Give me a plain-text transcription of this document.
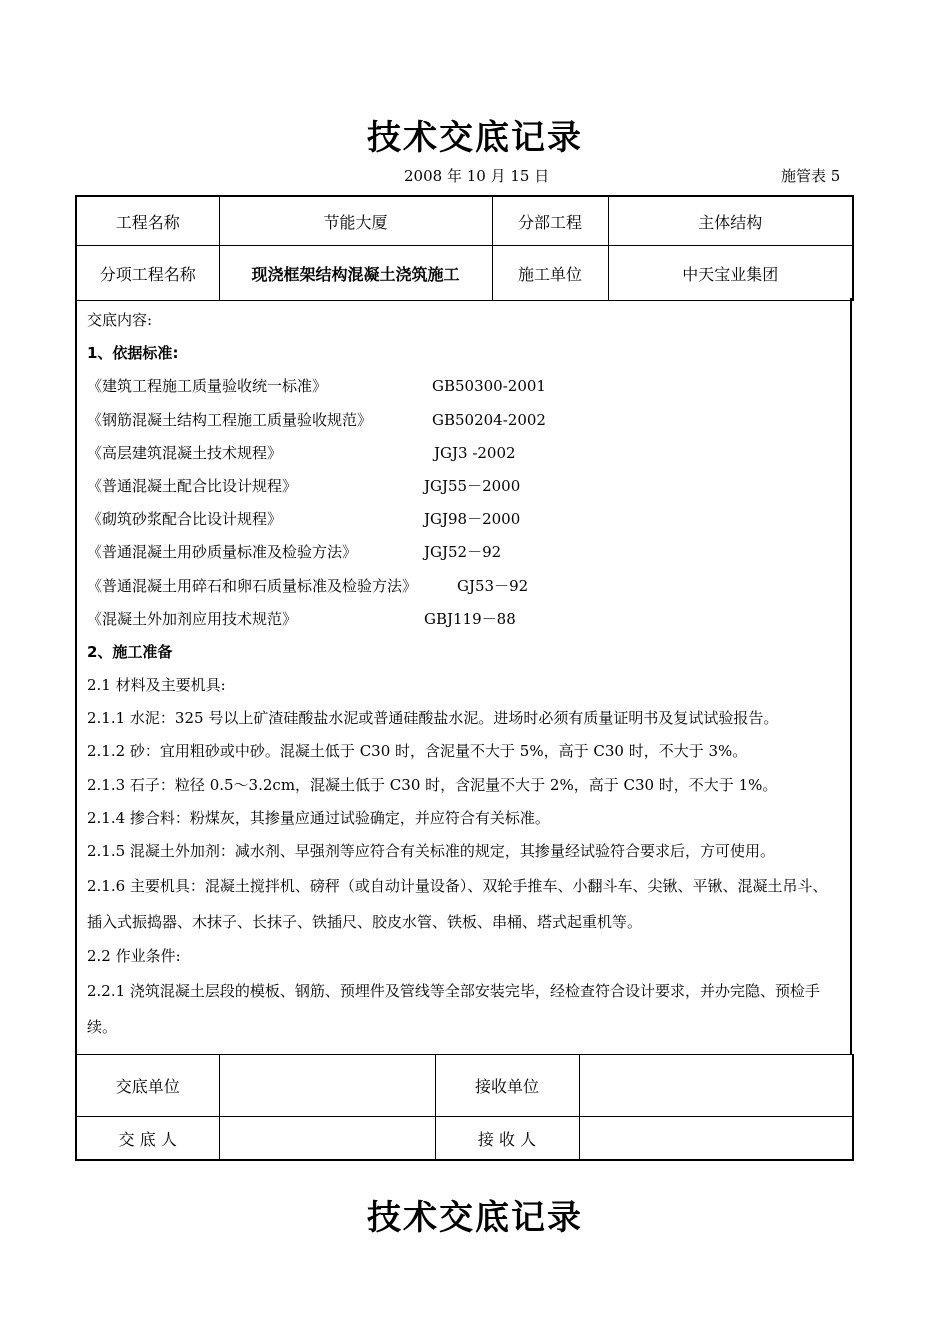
技术交底记录
2008 年 10 月 15 日	施管表 5
工程名称	节能大厦	分部工程	主体结构
分项工程名称	现浇框架结构混凝土浇筑施工	施工单位	中天宝业集团
交底内容:
1、依据标准:
《建筑工程施工质量验收统一标准》	GB50300-2001
《钢筋混凝土结构工程施工质量验收规范》	GB50204-2002
《高层建筑混凝土技术规程》	JGJ3 -2002
《普通混凝土配合比设计规程》	JGJ55－2000
《砌筑砂浆配合比设计规程》	JGJ98－2000
《普通混凝土用砂质量标准及检验方法》	JGJ52－92
《普通混凝土用碎石和卵石质量标准及检验方法》	GJ53－92
《混凝土外加剂应用技术规范》	GBJ119－88
2、施工准备
2.1 材料及主要机具:
2.1.1 水泥：325 号以上矿渣硅酸盐水泥或普通硅酸盐水泥。进场时必须有质量证明书及复试试验报告。
2.1.2 砂：宜用粗砂或中砂。混凝土低于 C30 时，含泥量不大于 5%，高于 C30 时，不大于 3%。
2.1.3 石子：粒径 0.5～3.2cm，混凝土低于 C30 时，含泥量不大于 2%，高于 C30 时，不大于 1%。
2.1.4 掺合料：粉煤灰，其掺量应通过试验确定，并应符合有关标准。
2.1.5 混凝土外加剂：减水剂、早强剂等应符合有关标准的规定，其掺量经试验符合要求后，方可使用。
2.1.6 主要机具：混凝土搅拌机、磅秤（或自动计量设备）、双轮手推车、小翻斗车、尖锹、平锹、混凝土吊斗、插入式振捣器、木抹子、长抹子、铁插尺、胶皮水管、铁板、串桶、塔式起重机等。
2.2 作业条件:
2.2.1 浇筑混凝土层段的模板、钢筋、预埋件及管线等全部安装完毕，经检查符合设计要求，并办完隐、预检手续。
交底单位		接收单位	
交 底 人		接 收 人	
技术交底记录
